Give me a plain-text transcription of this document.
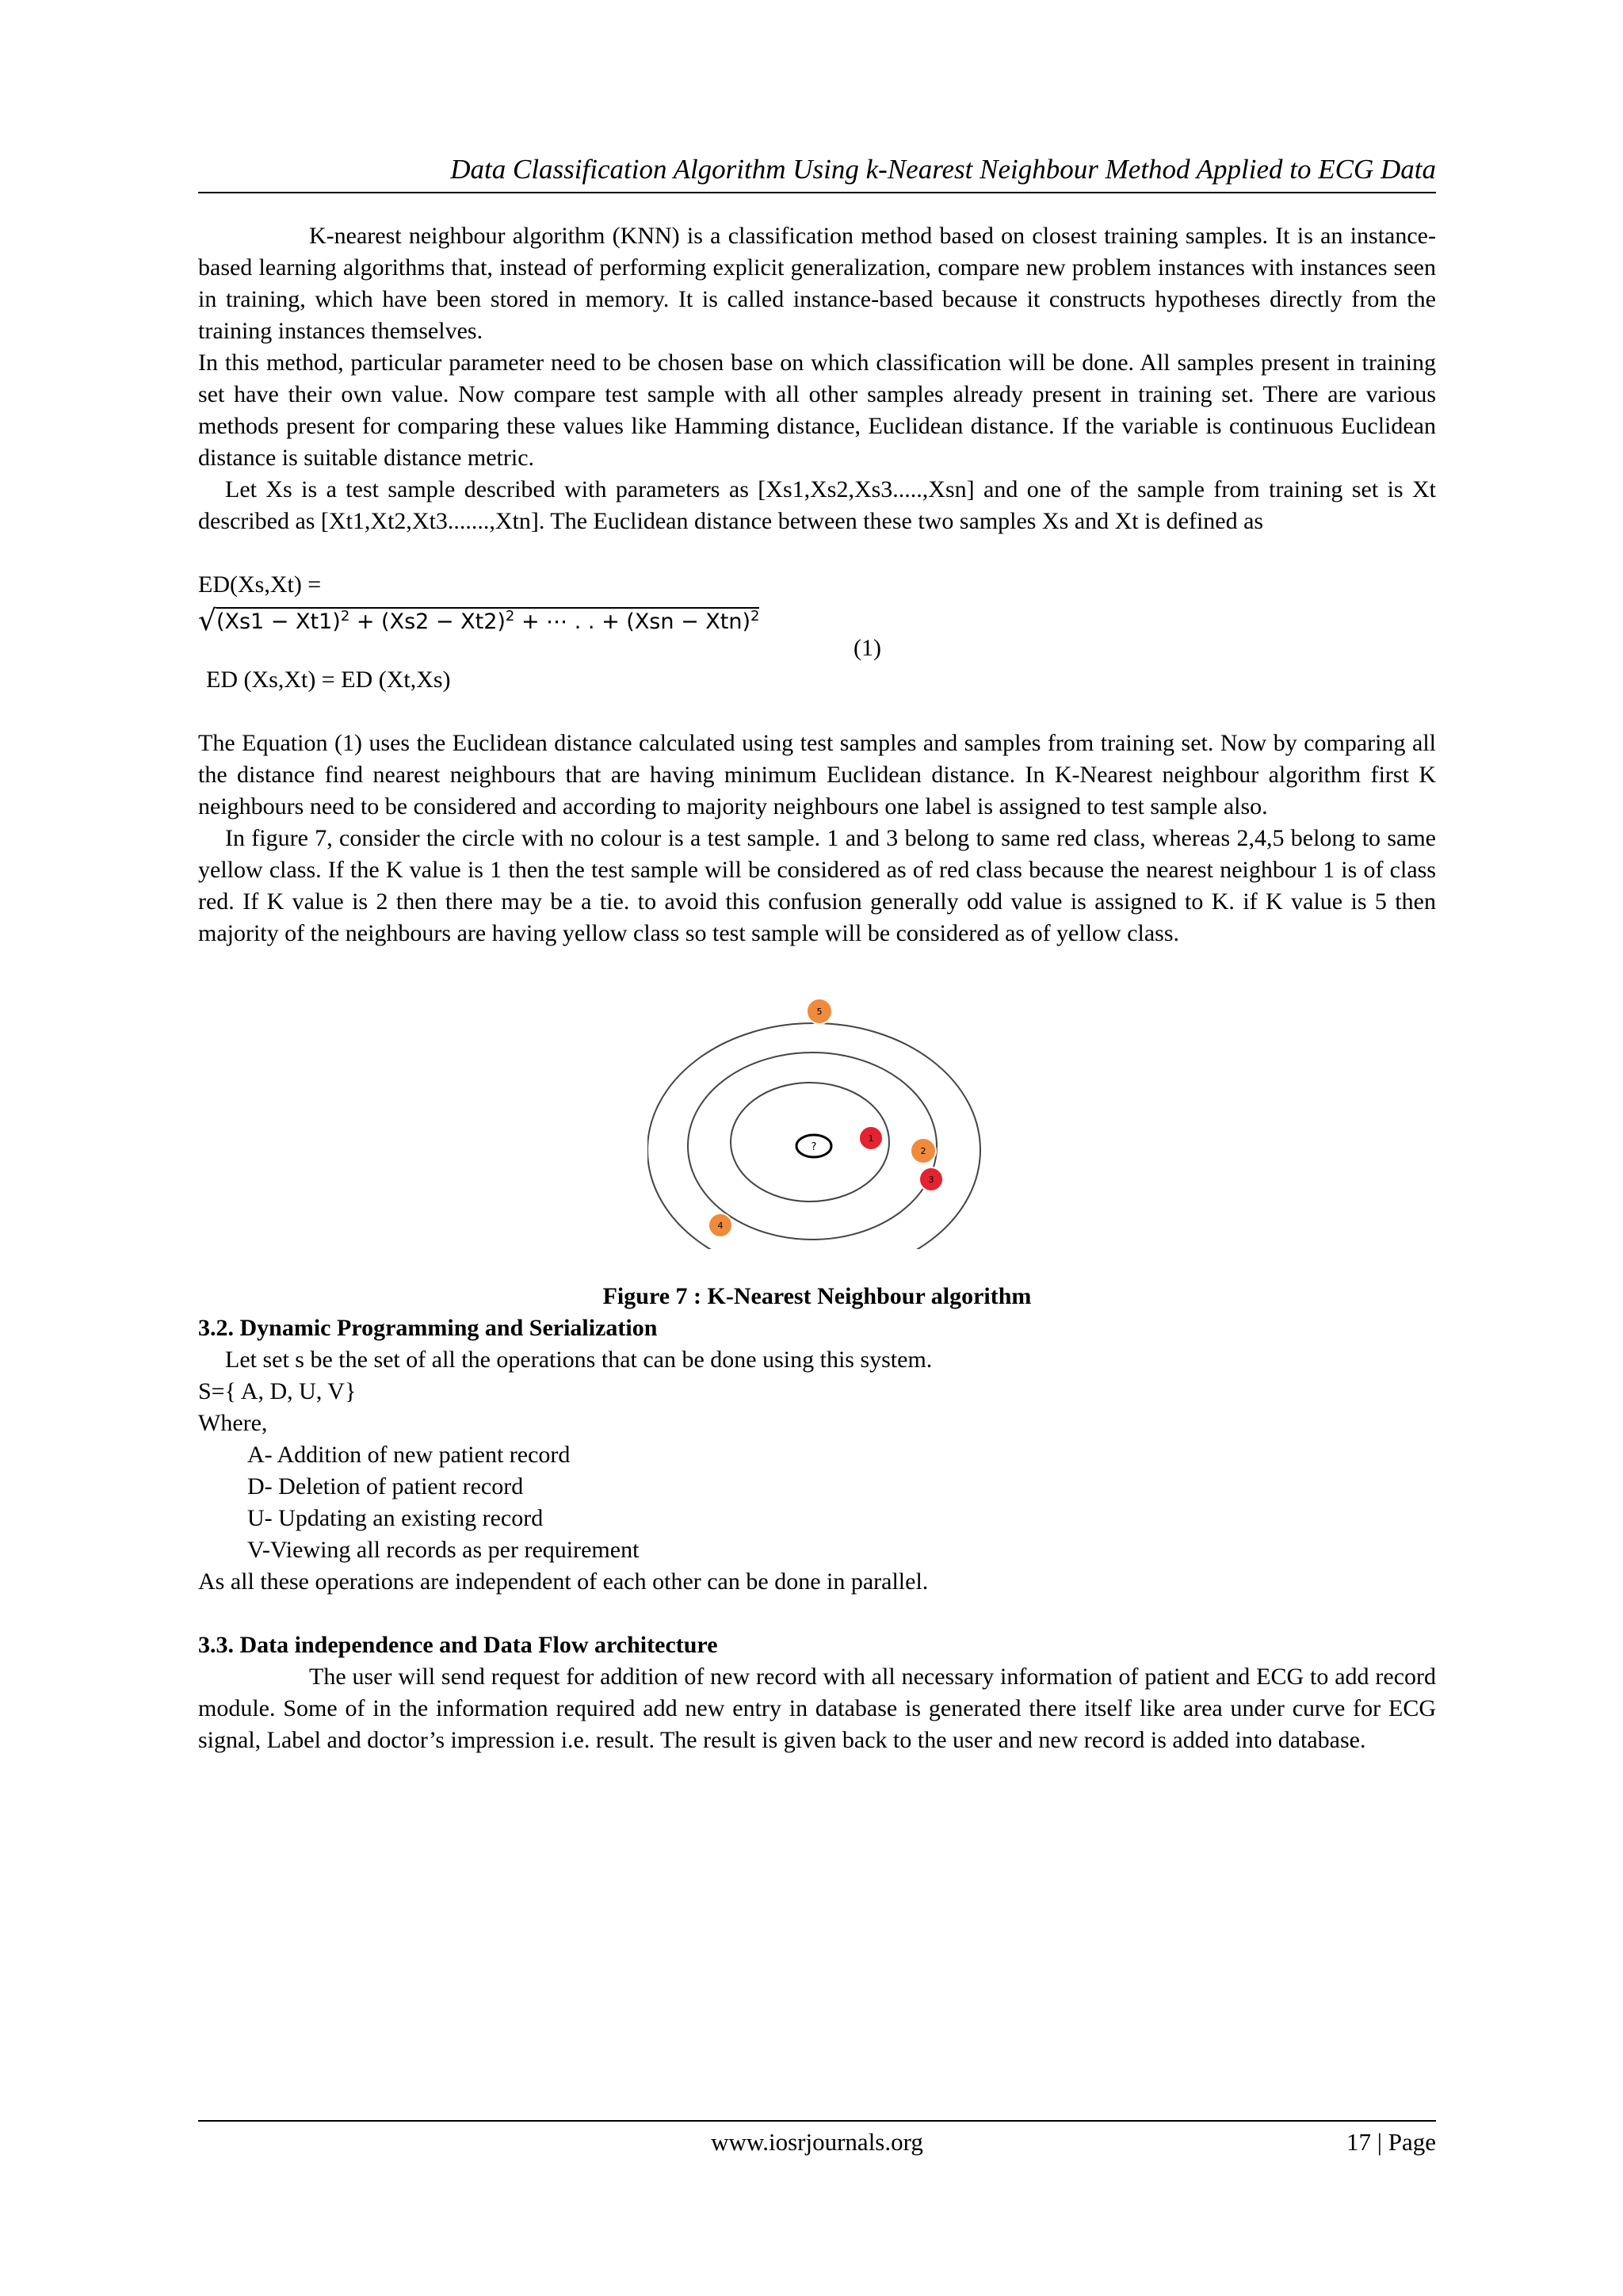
Data Classification Algorithm Using k-Nearest Neighbour Method Applied to ECG Data

K-nearest neighbour algorithm (KNN) is a classification method based on closest training samples. It is an instance-based learning algorithms that, instead of performing explicit generalization, compare new problem instances with instances seen in training, which have been stored in memory. It is called instance-based because it constructs hypotheses directly from the training instances themselves.

In this method, particular parameter need to be chosen base on which classification will be done. All samples present in training set have their own value. Now compare test sample with all other samples already present in training set. There are various methods present for comparing these values like Hamming distance, Euclidean distance. If the variable is continuous Euclidean distance is suitable distance metric.

Let Xs is a test sample described with parameters as [Xs1,Xs2,Xs3.....,Xsn] and one of the sample from training set is Xt described as [Xt1,Xt2,Xt3.......,Xtn]. The Euclidean distance between these two samples Xs and Xt is defined as

ED(Xs,Xt) =
$√(Xs1 - Xt1)^2 + (Xs2 - Xt2)^2$ + ⋯ . . + (Xsn − Xtn)$^2$
(1)
ED (Xs,Xt) = ED (Xt,Xs)

The Equation (1) uses the Euclidean distance calculated using test samples and samples from training set. Now by comparing all the distance find nearest neighbours that are having minimum Euclidean distance. In K-Nearest neighbour algorithm first K neighbours need to be considered and according to majority neighbours one label is assigned to test sample also.

In figure 7, consider the circle with no colour is a test sample. 1 and 3 belong to same red class, whereas 2,4,5 belong to same yellow class. If the K value is 1 then the test sample will be considered as of red class because the nearest neighbour 1 is of class red. If K value is 2 then there may be a tie. to avoid this confusion generally odd value is assigned to K. if K value is 5 then majority of the neighbours are having yellow class so test sample will be considered as of yellow class.

?
1
2
3
4
5

Figure 7 : K-Nearest Neighbour algorithm

3.2. Dynamic Programming and Serialization

Let set s be the set of all the operations that can be done using this system.

S={ A, D, U, V}

Where,

A- Addition of new patient record

D- Deletion of patient record

U- Updating an existing record

V-Viewing all records as per requirement

As all these operations are independent of each other can be done in parallel.

3.3. Data independence and Data Flow architecture

The user will send request for addition of new record with all necessary information of patient and ECG to add record module. Some of in the information required add new entry in database is generated there itself like area under curve for ECG signal, Label and doctor’s impression i.e. result. The result is given back to the user and new record is added into database.

www.iosrjournals.org	17 | Page
